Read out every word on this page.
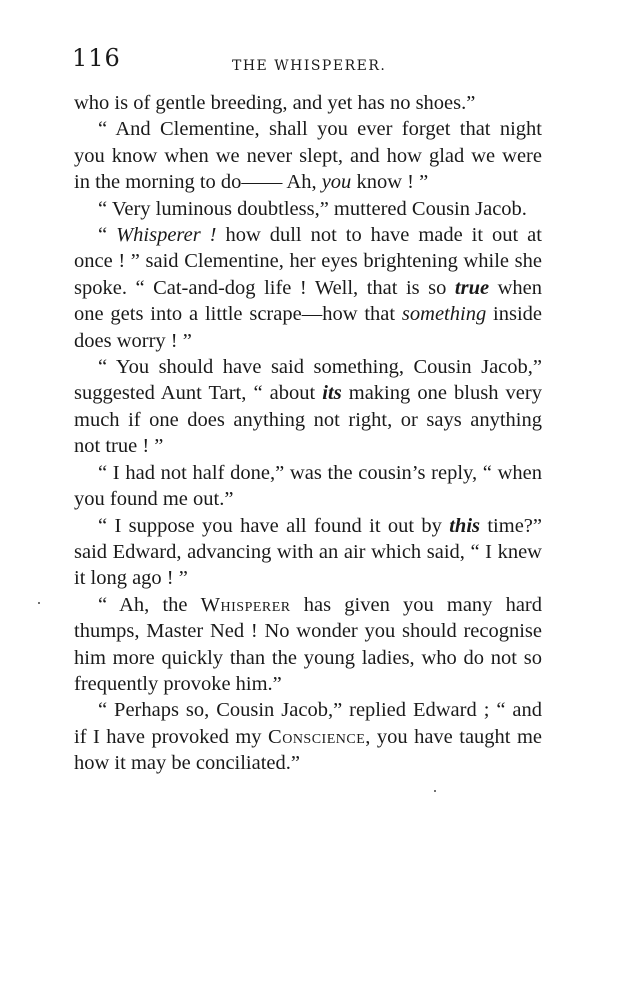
116	THE WHISPERER.

who is of gentle breeding, and yet has no shoes.”

“ And Clementine, shall you ever forget that night you know when we never slept, and how glad we were in the morning to do—— Ah, you know ! ”

“ Very luminous doubtless,” muttered Cousin Jacob.

“ Whisperer ! how dull not to have made it out at once ! ” said Clementine, her eyes brightening while she spoke. “ Cat-and-dog life ! Well, that is so true when one gets into a little scrape—how that something inside does worry ! ”

“ You should have said something, Cousin Jacob,” suggested Aunt Tart, “ about its making one blush very much if one does anything not right, or says anything not true ! ”

“ I had not half done,” was the cousin’s reply, “ when you found me out.”

“ I suppose you have all found it out by this time?” said Edward, advancing with an air which said, “ I knew it long ago ! ”

“ Ah, the Whisperer has given you many hard thumps, Master Ned ! No wonder you should recognise him more quickly than the young ladies, who do not so frequently provoke him.”

“ Perhaps so, Cousin Jacob,” replied Edward ; “ and if I have provoked my Conscience, you have taught me how it may be conciliated.”
